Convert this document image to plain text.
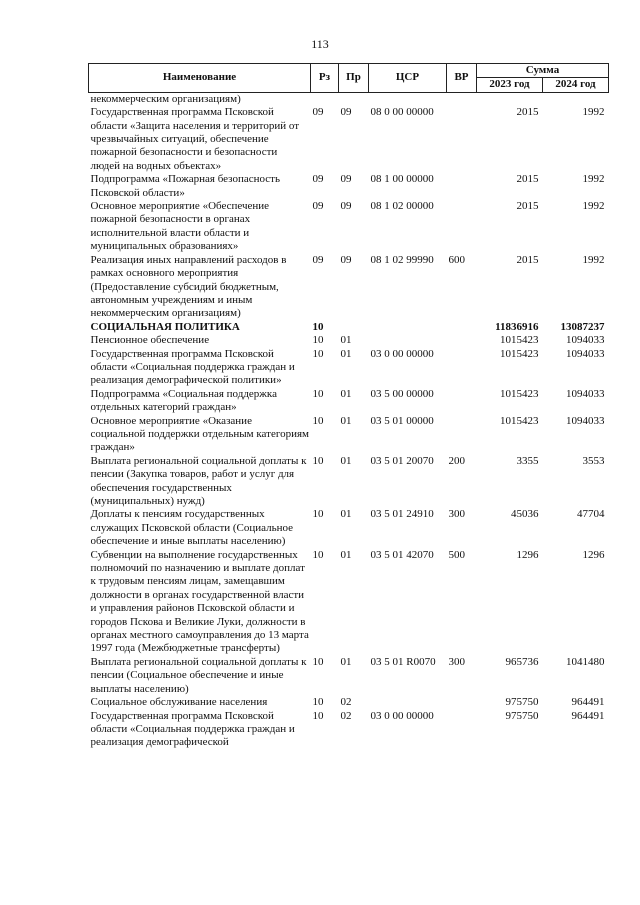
113
Наименование	Рз	Пр	ЦСР	ВР	Сумма	
					2023 год	2024 год
некоммерческим организациям)						
Государственная программа Псковской области «Защита населения и территорий от чрезвычайных ситуаций, обеспечение пожарной безопасности и безопасности людей на водных объектах»	09	09	08 0 00 00000		2015	1992
Подпрограмма «Пожарная безопасность Псковской области»	09	09	08 1 00 00000		2015	1992
Основное мероприятие «Обеспечение пожарной безопасности в органах исполнительной власти области и муниципальных образованиях»	09	09	08 1 02 00000		2015	1992
Реализация иных направлений расходов в рамках основного мероприятия (Предоставление субсидий бюджетным, автономным учреждениям и иным некоммерческим организациям)	09	09	08 1 02 99990	600	2015	1992
СОЦИАЛЬНАЯ ПОЛИТИКА	10				11836916	13087237
Пенсионное обеспечение	10	01			1015423	1094033
Государственная программа Псковской области «Социальная поддержка граждан и реализация демографической политики»	10	01	03 0 00 00000		1015423	1094033
Подпрограмма «Социальная поддержка отдельных категорий граждан»	10	01	03 5 00 00000		1015423	1094033
Основное мероприятие «Оказание социальной поддержки отдельным категориям граждан»	10	01	03 5 01 00000		1015423	1094033
Выплата региональной социальной доплаты к пенсии (Закупка товаров, работ и услуг для обеспечения государственных (муниципальных) нужд)	10	01	03 5 01 20070	200	3355	3553
Доплаты к пенсиям государственных служащих Псковской области (Социальное обеспечение и иные выплаты населению)	10	01	03 5 01 24910	300	45036	47704
Субвенции на выполнение государственных полномочий по назначению и выплате доплат к трудовым пенсиям лицам, замещавшим должности в органах государственной власти и управления районов Псковской области и городов Пскова и Великие Луки, должности в органах местного самоуправления до 13 марта 1997 года (Межбюджетные трансферты)	10	01	03 5 01 42070	500	1296	1296
Выплата региональной социальной доплаты к пенсии (Социальное обеспечение и иные выплаты населению)	10	01	03 5 01 R0070	300	965736	1041480
Социальное обслуживание населения	10	02			975750	964491
Государственная программа Псковской области «Социальная поддержка граждан и реализация демографической	10	02	03 0 00 00000		975750	964491
